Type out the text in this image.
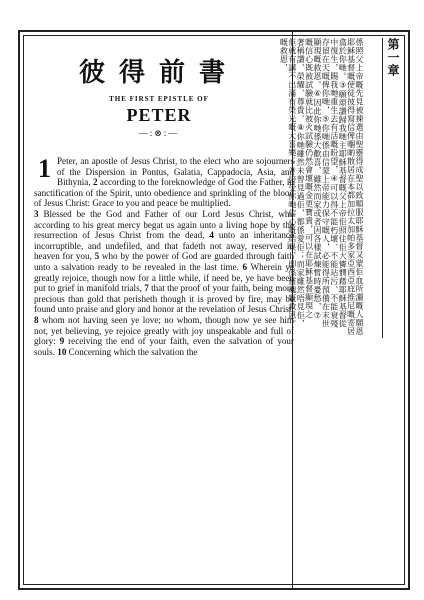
彼得前書
THE FIRST EPISTLE OF
PETER
—:⊗:—

1 Peter, an apostle of Jesus Christ, to the elect who are sojourners of the Dispersion in Pontus, Galatia, Cappadocia, Asia, and Bithynia, 2 according to the foreknowledge of God the Father, in sanctification of the Spirit, unto obedience and sprinkling of the blood of Jesus Christ: Grace to you and peace be multiplied.
3 Blessed be the God and Father of our Lord Jesus Christ, who according to his great mercy begat us again unto a living hope by the resurrection of Jesus Christ from the dead, 4 unto an inheritance incorruptible, and undefiled, and that fadeth not away, reserved in heaven for you, 5 who by the power of God are guarded through faith unto a salvation ready to be revealed in the last time. 6 Wherein ye greatly rejoice, though now for a little while, if need be, ye have been put to grief in manifold trials, 7 that the proof of your faith, being more precious than gold that perisheth though it is proved by fire, may be found unto praise and glory and honor at the revelation of Jesus Christ: 8 whom not having seen ye love; no whom, though now ye see him not, yet believing, ye rejoice greatly with joy unspeakable and full of glory: 9 receiving the end of your faith, even the salvation of your souls. 10 Concerning which the salvation the

第一章
係照父上帝嘅先見被揀選由聖靈得成聖以致順服耶穌基督又蒙佢血所灑嘅人願恩
耶穌基督嘅使徒彼得寫信俾嗰啲散居在本都加拉太加帕多家亞西亞庇推尼嘅寄居
翕於你哋。③願頌讚歸我哋主耶穌基督嘅父上帝佢照住佢大憐憫藉耶穌基督從
中復生，賜我哋重生去有活嘅盼望，④可以得不能朽壞、不能玷污、不能衰殘
存留在天嘅俾你哋，⑤你哋係由信蒙上帝能力保守嘅人，必能得所預備在末世
顯現嘅救恩。⑥因此你哋係大歡喜，雖然而家或者因各樣試煉暫時憂愁，⑦
嘅信心既被試驗就比被火試驗仍然會壞嘅金更寶貴，可以在耶穌基督顯現之
著稱讚、榮耀、尊貴。⑧你哋雖然未曾見過佢，都係愛佢；而家雖然唔見佢，
佢就有講不出滿有榮光嘅大喜樂；⑨接受你哋信心嘅結果，即係靈魂嘅救恩。
嘅救恩，
